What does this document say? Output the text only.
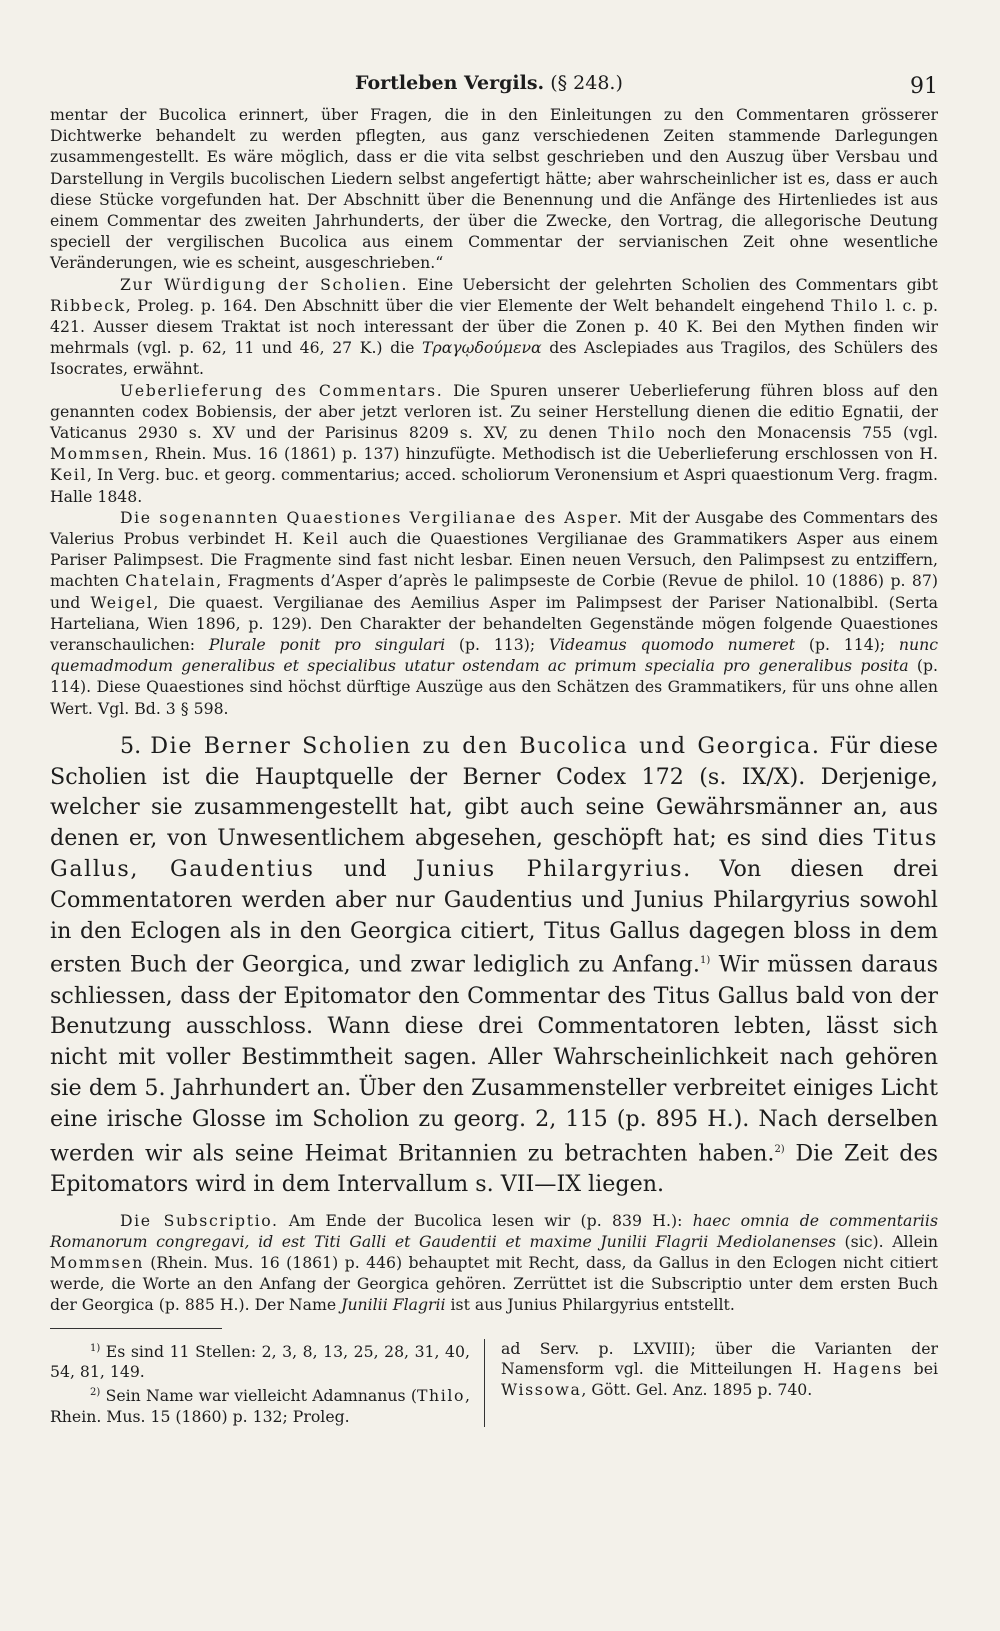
Fortleben Vergils. (§ 248.)	91

mentar der Bucolica erinnert, über Fragen, die in den Einleitungen zu den Commentaren grösserer Dichtwerke behandelt zu werden pflegten, aus ganz verschiedenen Zeiten stammende Darlegungen zusammengestellt. Es wäre möglich, dass er die vita selbst geschrieben und den Auszug über Versbau und Darstellung in Vergils bucolischen Liedern selbst angefertigt hätte; aber wahrscheinlicher ist es, dass er auch diese Stücke vorgefunden hat. Der Abschnitt über die Benennung und die Anfänge des Hirtenliedes ist aus einem Commentar des zweiten Jahrhunderts, der über die Zwecke, den Vortrag, die allegorische Deutung speciell der vergilischen Bucolica aus einem Commentar der servianischen Zeit ohne wesentliche Veränderungen, wie es scheint, ausgeschrieben.“

Zur Würdigung der Scholien. Eine Uebersicht der gelehrten Scholien des Commentars gibt Ribbeck, Proleg. p. 164. Den Abschnitt über die vier Elemente der Welt behandelt eingehend Thilo l. c. p. 421. Ausser diesem Traktat ist noch interessant der über die Zonen p. 40 K. Bei den Mythen finden wir mehrmals (vgl. p. 62, 11 und 46, 27 K.) die Τραγῳδούμενα des Asclepiades aus Tragilos, des Schülers des Isocrates, erwähnt.

Ueberlieferung des Commentars. Die Spuren unserer Ueberlieferung führen bloss auf den genannten codex Bobiensis, der aber jetzt verloren ist. Zu seiner Herstellung dienen die editio Egnatii, der Vaticanus 2930 s. XV und der Parisinus 8209 s. XV, zu denen Thilo noch den Monacensis 755 (vgl. Mommsen, Rhein. Mus. 16 (1861) p. 137) hinzufügte. Methodisch ist die Ueberlieferung erschlossen von H. Keil, In Verg. buc. et georg. commentarius; acced. scholiorum Veronensium et Aspri quaestionum Verg. fragm. Halle 1848.

Die sogenannten Quaestiones Vergilianae des Asper. Mit der Ausgabe des Commentars des Valerius Probus verbindet H. Keil auch die Quaestiones Vergilianae des Grammatikers Asper aus einem Pariser Palimpsest. Die Fragmente sind fast nicht lesbar. Einen neuen Versuch, den Palimpsest zu entziffern, machten Chatelain, Fragments d’Asper d’après le palimpseste de Corbie (Revue de philol. 10 (1886) p. 87) und Weigel, Die quaest. Vergilianae des Aemilius Asper im Palimpsest der Pariser Nationalbibl. (Serta Harteliana, Wien 1896, p. 129). Den Charakter der behandelten Gegenstände mögen folgende Quaestiones veranschaulichen: Plurale ponit pro singulari (p. 113); Videamus quomodo numeret (p. 114); nunc quemadmodum generalibus et specialibus utatur ostendam ac primum specialia pro generalibus posita (p. 114). Diese Quaestiones sind höchst dürftige Auszüge aus den Schätzen des Grammatikers, für uns ohne allen Wert. Vgl. Bd. 3 § 598.

5. Die Berner Scholien zu den Bucolica und Georgica. Für diese Scholien ist die Hauptquelle der Berner Codex 172 (s. IX/X). Derjenige, welcher sie zusammengestellt hat, gibt auch seine Gewährsmänner an, aus denen er, von Unwesentlichem abgesehen, geschöpft hat; es sind dies Titus Gallus, Gaudentius und Junius Philargyrius. Von diesen drei Commentatoren werden aber nur Gaudentius und Junius Philargyrius sowohl in den Eclogen als in den Georgica citiert, Titus Gallus dagegen bloss in dem ersten Buch der Georgica, und zwar lediglich zu Anfang.$^{1)}$ Wir müssen daraus schliessen, dass der Epitomator den Commentar des Titus Gallus bald von der Benutzung ausschloss. Wann diese drei Commentatoren lebten, lässt sich nicht mit voller Bestimmtheit sagen. Aller Wahrscheinlichkeit nach gehören sie dem 5. Jahrhundert an. Über den Zusammensteller verbreitet einiges Licht eine irische Glosse im Scholion zu georg. 2, 115 (p. 895 H.). Nach derselben werden wir als seine Heimat Britannien zu betrachten haben.$^{2)}$ Die Zeit des Epitomators wird in dem Intervallum s. VII—IX liegen.

Die Subscriptio. Am Ende der Bucolica lesen wir (p. 839 H.): haec omnia de commentariis Romanorum congregavi, id est Titi Galli et Gaudentii et maxime Junilii Flagrii Mediolanenses (sic). Allein Mommsen (Rhein. Mus. 16 (1861) p. 446) behauptet mit Recht, dass, da Gallus in den Eclogen nicht citiert werde, die Worte an den Anfang der Georgica gehören. Zerrüttet ist die Subscriptio unter dem ersten Buch der Georgica (p. 885 H.). Der Name Junilii Flagrii ist aus Junius Philargyrius entstellt.

$^{1)}$ Es sind 11 Stellen: 2, 3, 8, 13, 25, 28, 31, 40, 54, 81, 149.

$^{2)}$ Sein Name war vielleicht Adamnanus (Thilo, Rhein. Mus. 15 (1860) p. 132; Proleg.

ad Serv. p. LXVIII); über die Varianten der Namensform vgl. die Mitteilungen H. Hagens bei Wissowa, Gött. Gel. Anz. 1895 p. 740.
